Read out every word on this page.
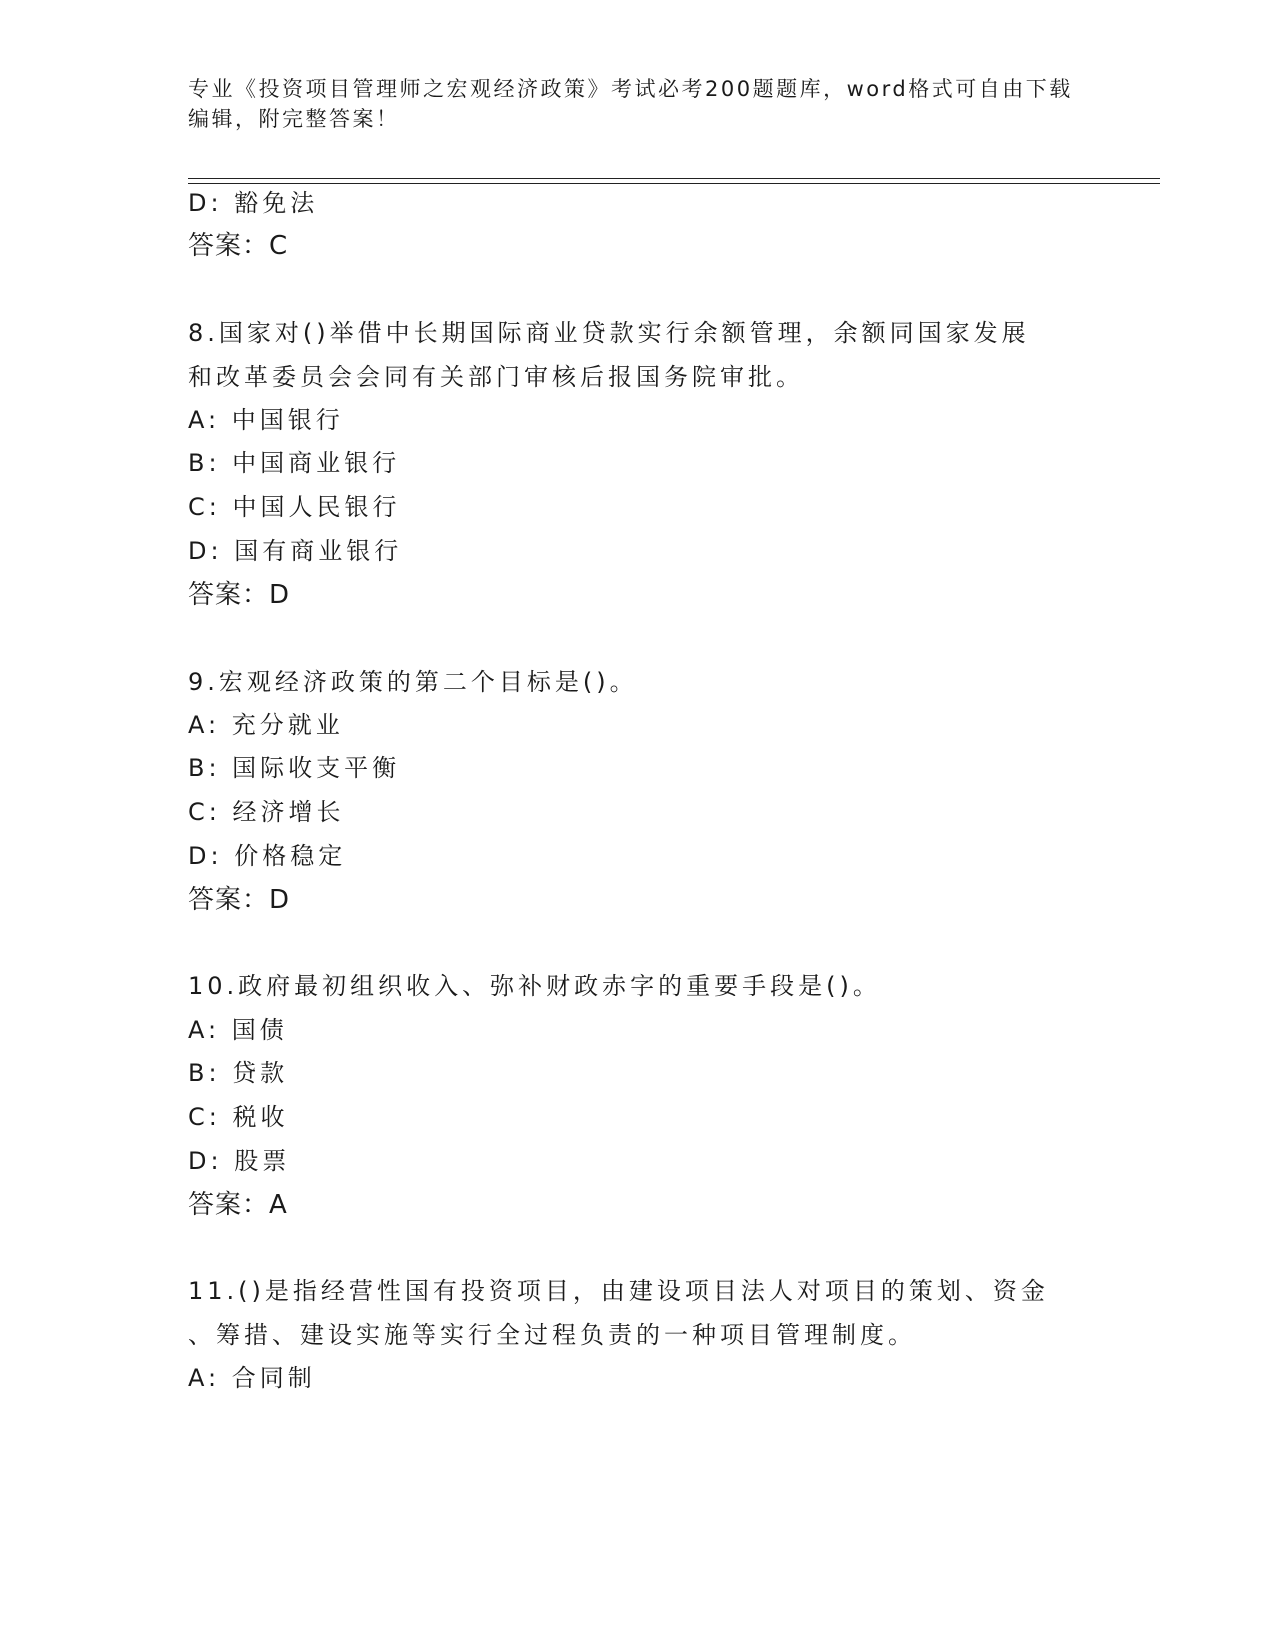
专业《投资项目管理师之宏观经济政策》考试必考200题题库，word格式可自由下载编辑，附完整答案！
D: 豁免法
答案：C
8.国家对()举借中长期国际商业贷款实行余额管理，余额同国家发展
和改革委员会会同有关部门审核后报国务院审批。
A: 中国银行
B: 中国商业银行
C: 中国人民银行
D: 国有商业银行
答案：D
9.宏观经济政策的第二个目标是()。
A: 充分就业
B: 国际收支平衡
C: 经济增长
D: 价格稳定
答案：D
10.政府最初组织收入、弥补财政赤字的重要手段是()。
A: 国债
B: 贷款
C: 税收
D: 股票
答案：A
11.()是指经营性国有投资项目，由建设项目法人对项目的策划、资金
、筹措、建设实施等实行全过程负责的一种项目管理制度。
A: 合同制
